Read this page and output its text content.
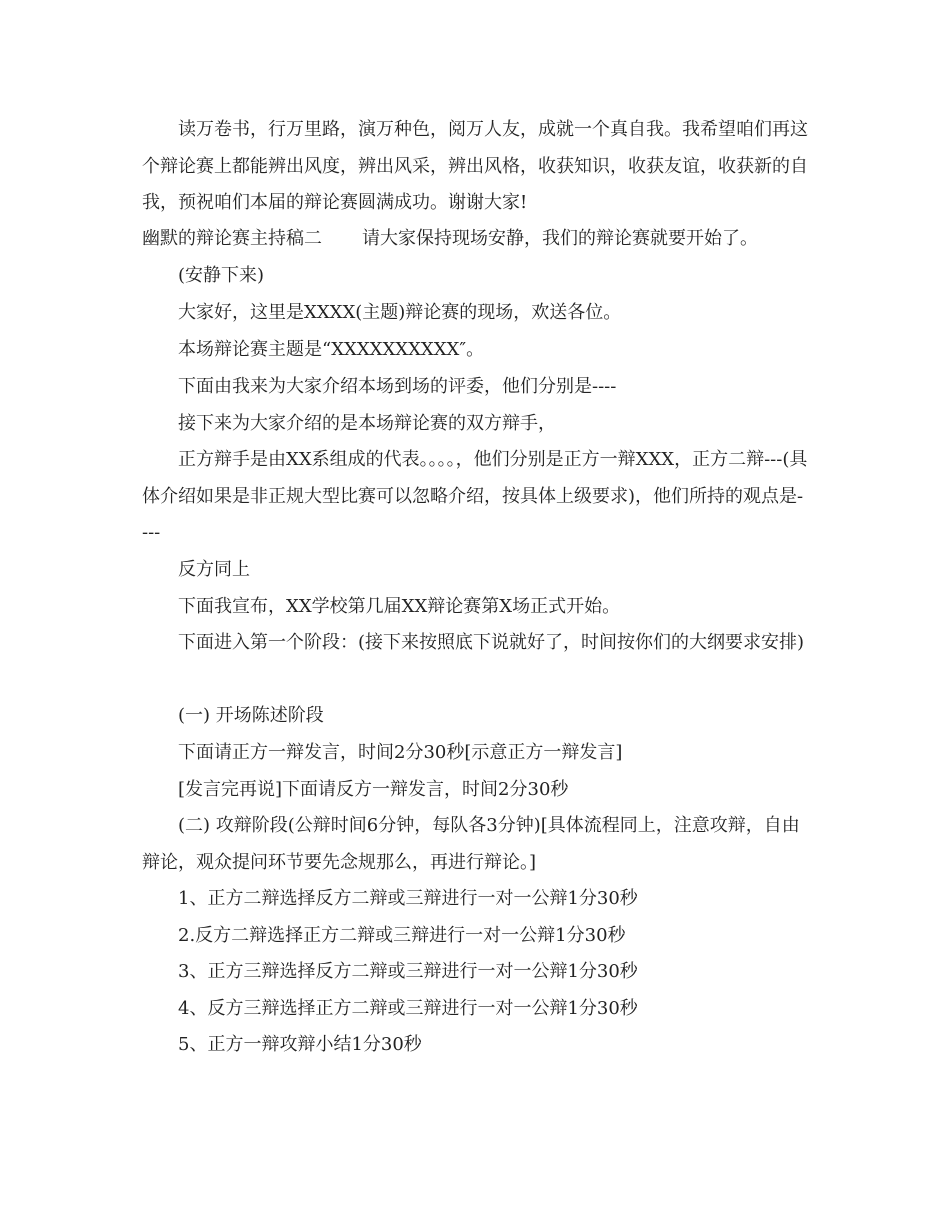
读万卷书，行万里路，演万种色，阅万人友，成就一个真自我。我希望咱们再这个辩论赛上都能辨出风度，辨出风采，辨出风格，收获知识，收获友谊，收获新的自我，预祝咱们本届的辩论赛圆满成功。谢谢大家!

幽默的辩论赛主持稿二 请大家保持现场安静，我们的辩论赛就要开始了。

(安静下来)

大家好，这里是XXXX(主题)辩论赛的现场，欢送各位。

本场辩论赛主题是“XXXXXXXXXX″。

下面由我来为大家介绍本场到场的评委，他们分别是----

接下来为大家介绍的是本场辩论赛的双方辩手，

正方辩手是由XX系组成的代表。。。。，他们分别是正方一辩XXX，正方二辩---(具体介绍如果是非正规大型比赛可以忽略介绍，按具体上级要求)，他们所持的观点是----

反方同上

下面我宣布，XX学校第几届XX辩论赛第X场正式开始。

下面进入第一个阶段：(接下来按照底下说就好了，时间按你们的大纲要求安排)

(一) 开场陈述阶段

下面请正方一辩发言，时间2分30秒[示意正方一辩发言]

[发言完再说]下面请反方一辩发言，时间2分30秒

(二) 攻辩阶段(公辩时间6分钟，每队各3分钟)[具体流程同上，注意攻辩，自由辩论，观众提问环节要先念规那么，再进行辩论。]

1、正方二辩选择反方二辩或三辩进行一对一公辩1分30秒

2.反方二辩选择正方二辩或三辩进行一对一公辩1分30秒

3、正方三辩选择反方二辩或三辩进行一对一公辩1分30秒

4、反方三辩选择正方二辩或三辩进行一对一公辩1分30秒

5、正方一辩攻辩小结1分30秒
